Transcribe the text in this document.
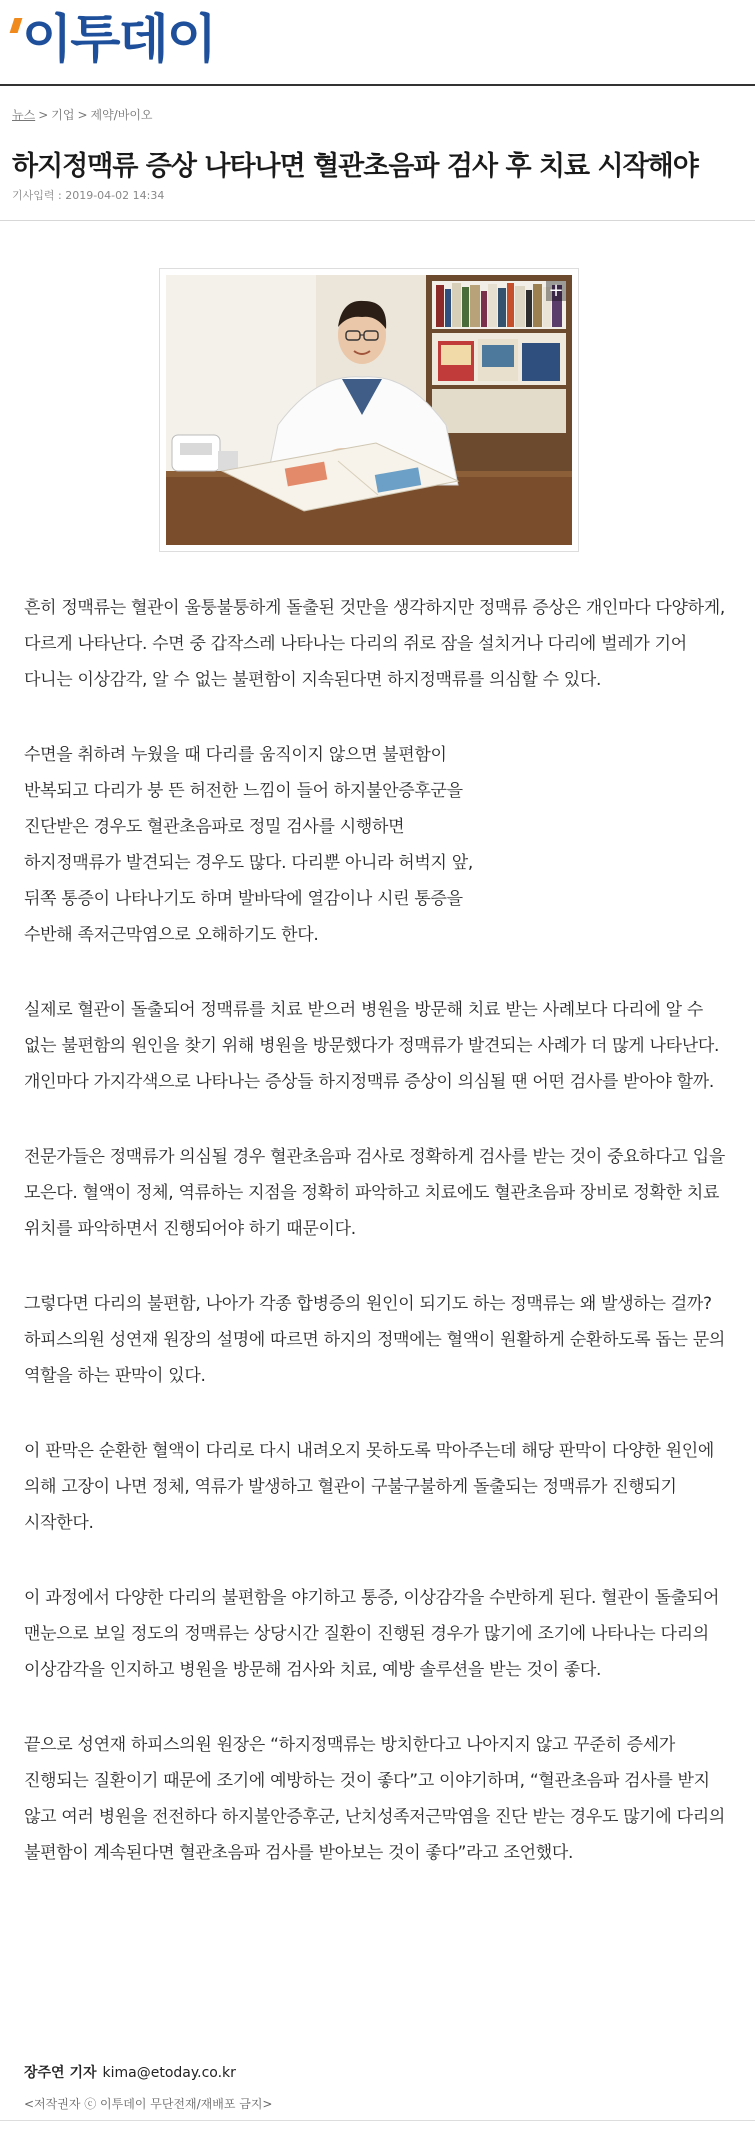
이투데이
뉴스 > 기업 > 제약/바이오
하지정맥류 증상 나타나면 혈관초음파 검사 후 치료 시작해야
기사입력 : 2019-04-02 14:34
+

흔히 정맥류는 혈관이 울퉁불퉁하게 돌출된 것만을 생각하지만 정맥류 증상은 개인마다 다양하게, 다르게 나타난다. 수면 중 갑작스레 나타나는 다리의 쥐로 잠을 설치거나 다리에 벌레가 기어 다니는 이상감각, 알 수 없는 불편함이 지속된다면 하지정맥류를 의심할 수 있다.

수면을 취하려 누웠을 때 다리를 움직이지 않으면 불편함이 반복되고 다리가 붕 뜬 허전한 느낌이 들어 하지불안증후군을 진단받은 경우도 혈관초음파로 정밀 검사를 시행하면 하지정맥류가 발견되는 경우도 많다. 다리뿐 아니라 허벅지 앞, 뒤쪽 통증이 나타나기도 하며 발바닥에 열감이나 시린 통증을 수반해 족저근막염으로 오해하기도 한다.

실제로 혈관이 돌출되어 정맥류를 치료 받으러 병원을 방문해 치료 받는 사례보다 다리에 알 수 없는 불편함의 원인을 찾기 위해 병원을 방문했다가 정맥류가 발견되는 사례가 더 많게 나타난다. 개인마다 가지각색으로 나타나는 증상들 하지정맥류 증상이 의심될 땐 어떤 검사를 받아야 할까.

전문가들은 정맥류가 의심될 경우 혈관초음파 검사로 정확하게 검사를 받는 것이 중요하다고 입을 모은다. 혈액이 정체, 역류하는 지점을 정확히 파악하고 치료에도 혈관초음파 장비로 정확한 치료 위치를 파악하면서 진행되어야 하기 때문이다.

그렇다면 다리의 불편함, 나아가 각종 합병증의 원인이 되기도 하는 정맥류는 왜 발생하는 걸까? 하피스의원 성연재 원장의 설명에 따르면 하지의 정맥에는 혈액이 원활하게 순환하도록 돕는 문의 역할을 하는 판막이 있다.

이 판막은 순환한 혈액이 다리로 다시 내려오지 못하도록 막아주는데 해당 판막이 다양한 원인에 의해 고장이 나면 정체, 역류가 발생하고 혈관이 구불구불하게 돌출되는 정맥류가 진행되기 시작한다.

이 과정에서 다양한 다리의 불편함을 야기하고 통증, 이상감각을 수반하게 된다. 혈관이 돌출되어 맨눈으로 보일 정도의 정맥류는 상당시간 질환이 진행된 경우가 많기에 조기에 나타나는 다리의 이상감각을 인지하고 병원을 방문해 검사와 치료, 예방 솔루션을 받는 것이 좋다.

끝으로 성연재 하피스의원 원장은 “하지정맥류는 방치한다고 나아지지 않고 꾸준히 증세가 진행되는 질환이기 때문에 조기에 예방하는 것이 좋다”고 이야기하며, “혈관초음파 검사를 받지 않고 여러 병원을 전전하다 하지불안증후군, 난치성족저근막염을 진단 받는 경우도 많기에 다리의 불편함이 계속된다면 혈관초음파 검사를 받아보는 것이 좋다”라고 조언했다.

장주연 기자 kima@etoday.co.kr
<저작권자 ⓒ 이투데이 무단전재/재배포 금지>
